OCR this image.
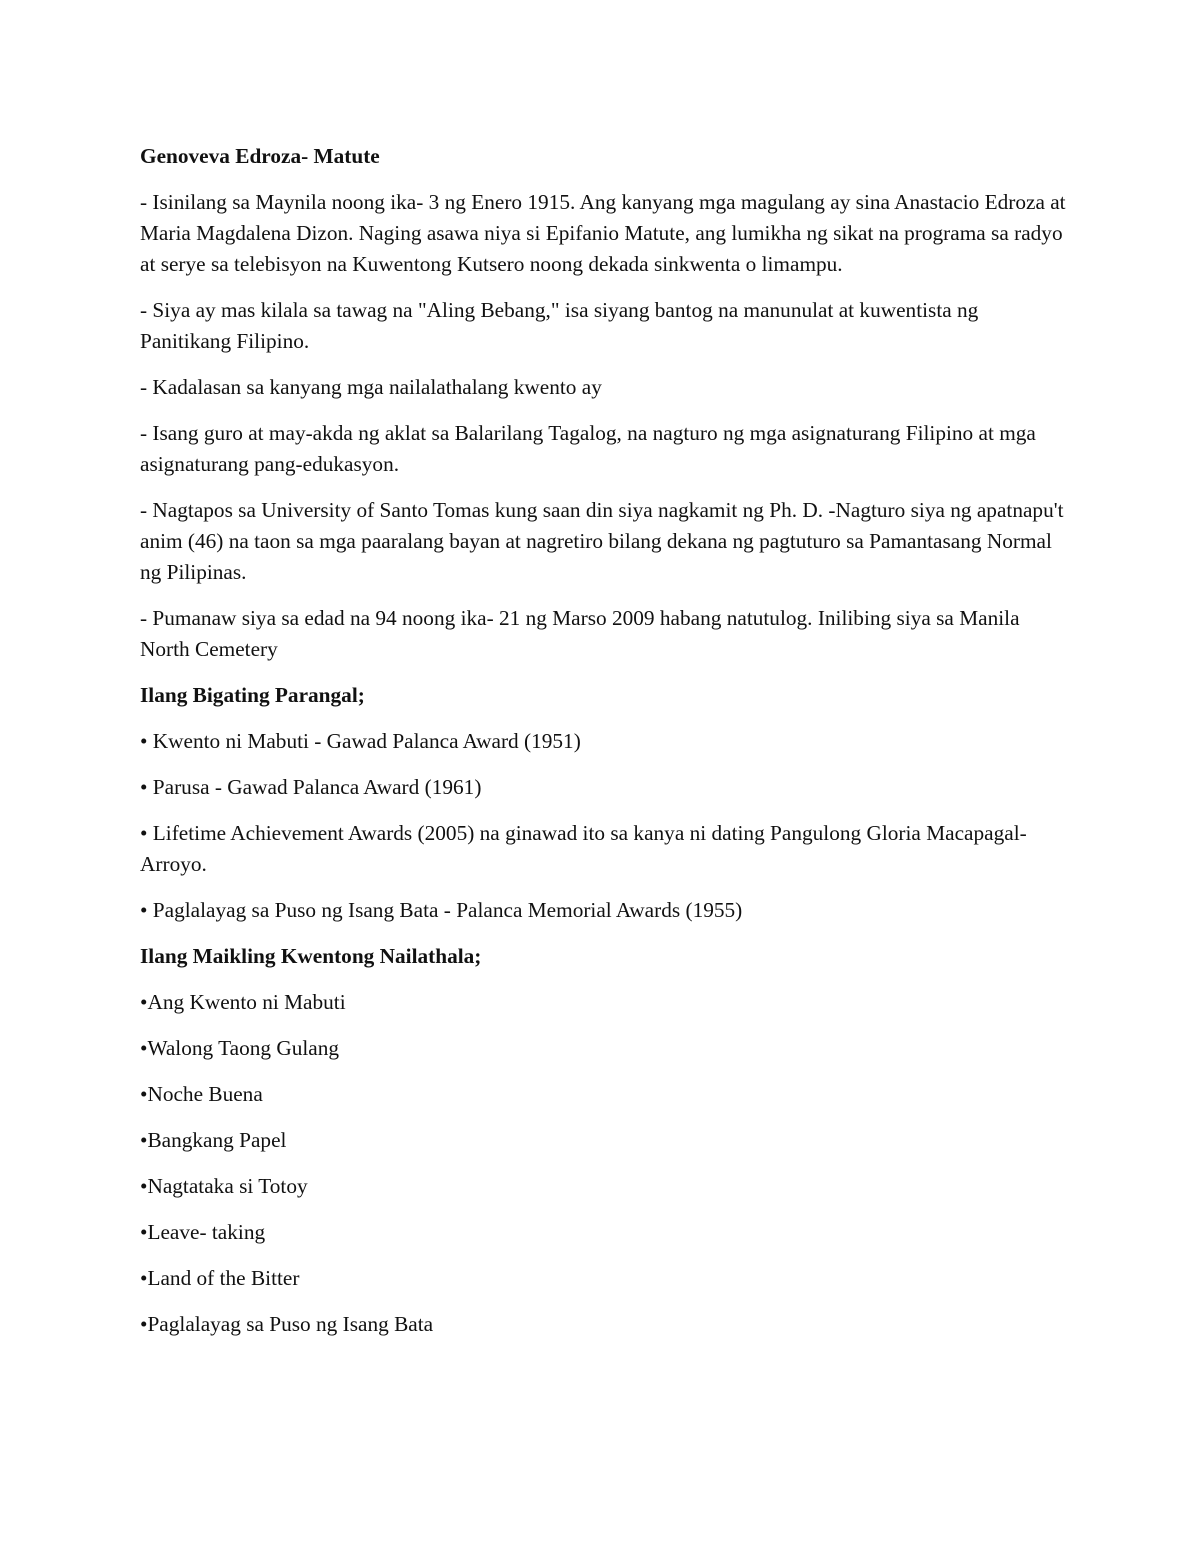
Genoveva Edroza- Matute
- Isinilang sa Maynila noong ika- 3 ng Enero 1915. Ang kanyang mga magulang ay sina Anastacio Edroza at Maria Magdalena Dizon. Naging asawa niya si Epifanio Matute, ang lumikha ng sikat na programa sa radyo at serye sa telebisyon na Kuwentong Kutsero noong dekada sinkwenta o limampu.
- Siya ay mas kilala sa tawag na "Aling Bebang," isa siyang bantog na manunulat at kuwentista ng Panitikang Filipino.
- Kadalasan sa kanyang mga nailalathalang kwento ay
- Isang guro at may-akda ng aklat sa Balarilang Tagalog, na nagturo ng mga asignaturang Filipino at mga asignaturang pang-edukasyon.
- Nagtapos sa University of Santo Tomas kung saan din siya nagkamit ng Ph. D. -Nagturo siya ng apatnapu't anim (46) na taon sa mga paaralang bayan at nagretiro bilang dekana ng pagtuturo sa Pamantasang Normal ng Pilipinas.
- Pumanaw siya sa edad na 94 noong ika- 21 ng Marso 2009 habang natutulog. Inilibing siya sa Manila North Cemetery
Ilang Bigating Parangal;
• Kwento ni Mabuti - Gawad Palanca Award (1951)
• Parusa - Gawad Palanca Award (1961)
• Lifetime Achievement Awards (2005) na ginawad ito sa kanya ni dating Pangulong Gloria Macapagal-Arroyo.
• Paglalayag sa Puso ng Isang Bata - Palanca Memorial Awards (1955)
Ilang Maikling Kwentong Nailathala;
•Ang Kwento ni Mabuti
•Walong Taong Gulang
•Noche Buena
•Bangkang Papel
•Nagtataka si Totoy
•Leave- taking
•Land of the Bitter
•Paglalayag sa Puso ng Isang Bata
